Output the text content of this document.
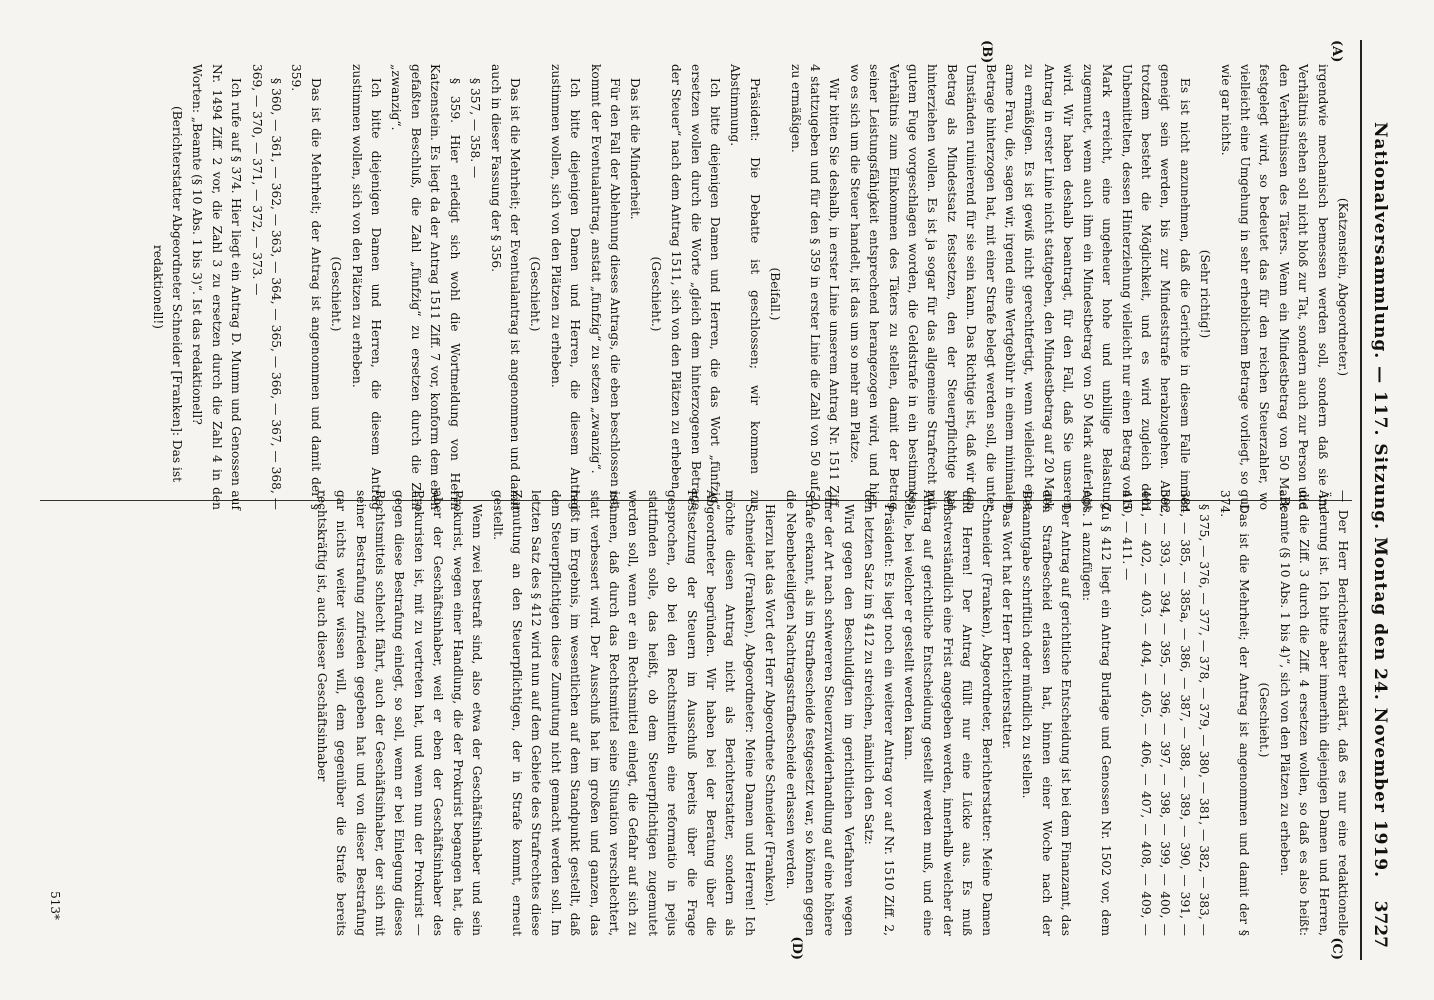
Nationalversammlung. — 117. Sitzung. Montag den 24. November 1919.
3727
(A)
(B)
(C)
(D)

(Katzenstein, Abgeordneter.)

irgendwie mechanisch bemessen werden soll, sondern daß sie im Verhältnis stehen soll nicht bloß zur Tat, sondern auch zur Person und den Verhältnissen des Täters. Wenn ein Mindestbetrag von 50 Mark festgelegt wird, so bedeutet das für den reichen Steuerzahler, wo vielleicht eine Umgehung in sehr erheblichem Betrage vorliegt, so gut wie gar nichts.

(Sehr richtig!)

Es ist nicht anzunehmen, daß die Gerichte in diesem Falle immer geneigt sein werden, bis zur Mindeststrafe herabzugehen. Aber trotzdem besteht die Möglichkeit, und es wird zugleich dem Unbemittelten, dessen Hinterziehung vielleicht nur einen Betrag von 5 Mark erreicht, eine ungeheuer hohe und unbillige Belastung zugemutet, wenn auch ihm ein Mindestbetrag von 50 Mark auferlegt wird. Wir haben deshalb beantragt, für den Fall, daß Sie unseren Antrag in erster Linie nicht stattgeben, den Mindestbetrag auf 20 Mark zu ermäßigen. Es ist gewiß nicht gerechtfertigt, wenn vielleicht eine arme Frau, die, sagen wir, irgend eine Wertgebühr in einem minimalen Betrage hinterzogen hat, mit einer Strafe belegt werden soll, die unter Umständen ruinierend für sie sein kann. Das Richtige ist, daß wir den Betrag als Mindestsatz festsetzen, den der Steuerpflichtige hat hinterziehen wollen. Es ist ja sogar für das allgemeine Strafrecht mit gutem Fuge vorgeschlagen worden, die Geldstrafe in ein bestimmtes Verhältnis zum Einkommen des Täters zu stellen, damit der Betrag seiner Leistungsfähigkeit entsprechend herangezogen wird, und hier, wo es sich um die Steuer handelt, ist das um so mehr am Platze.

Wir bitten Sie deshalb, in erster Linie unserem Antrag Nr. 1511 Ziff. 4 stattzugeben und für den § 359 in erster Linie die Zahl von 50 auf 20 zu ermäßigen.

(Beifall.)

Präsident: Die Debatte ist geschlossen; wir kommen zur Abstimmung.

Ich bitte diejenigen Damen und Herren, die das Wort „fünfzig“ ersetzen wollen durch die Worte „gleich dem hinterzogenen Betrage der Steuer“ nach dem Antrag 1511, sich von den Plätzen zu erheben.

(Geschieht.)

Das ist die Minderheit.

Für den Fall der Ablehnung dieses Antrags, die eben beschlossen ist, kommt der Eventualantrag, anstatt „fünfzig“ zu setzen „zwanzig“.

Ich bitte diejenigen Damen und Herren, die diesem Antrag zustimmen wollen, sich von den Plätzen zu erheben.

(Geschieht.)

Das ist die Mehrheit; der Eventualantrag ist angenommen und damit auch in dieser Fassung der § 356.

§ 357, — 358. —

§ 359. Hier erledigt sich wohl die Wortmeldung von Herrn Katzenstein. Es liegt da der Antrag 1511 Ziff. 7 vor, konform dem eben gefaßten Beschluß, die Zahl „fünfzig“ zu ersetzen durch die Zahl „zwanzig“.

Ich bitte diejenigen Damen und Herren, die diesem Antrag zustimmen wollen, sich von den Plätzen zu erheben.

(Geschieht.)

Das ist die Mehrheit; der Antrag ist angenommen und damit der § 359.

§ 360, — 361, — 362, — 363, — 364, — 365, — 366, — 367, — 368, — 369, — 370, — 371, — 372, — 373. —

Ich rufe auf § 374. Hier liegt ein Antrag D. Mumm und Genossen auf Nr. 1494 Ziff. 2 vor, die Zahl 3 zu ersetzen durch die Zahl 4 in den Worten: „Beamte (§ 10 Abs. 1 bis 3)“. Ist das redaktionell?

(Berichterstatter Abgeordneter Schneider [Franken]: Das ist redaktionell!)

— Der Herr Berichterstatter erklärt, daß es nur eine redaktionelle Änderung ist. Ich bitte aber immerhin diejenigen Damen und Herren, die die Ziff. 3 durch die Ziff. 4 ersetzen wollen, so daß es also heißt: „Beamte (§ 10 Abs. 1 bis 4)“, sich von den Plätzen zu erheben.

(Geschieht.)

Das ist die Mehrheit; der Antrag ist angenommen und damit der § 374.

§ 375, — 376, — 377, — 378, — 379, — 380, — 381, — 382, — 383, — 384, — 385, — 385a, — 386, — 387, — 388, — 389, — 390, — 391, — 392, — 393, — 394, — 395, — 396, — 397, — 398, — 399, — 400, — 401, — 402, — 403, — 404, — 405, — 406, — 407, — 408, — 409, — 410, — 411. —

Zu § 412 liegt ein Antrag Burlage und Genossen Nr. 1502 vor, dem Abs. 1 anzufügen:

Der Antrag auf gerichtliche Entscheidung ist bei dem Finanzamt, das den Strafbescheid erlassen hat, binnen einer Woche nach der Bekanntgabe schriftlich oder mündlich zu stellen.

Das Wort hat der Herr Berichterstatter.

Schneider (Franken), Abgeordneter, Berichterstatter: Meine Damen und Herren! Der Antrag füllt nur eine Lücke aus. Es muß selbstverständlich eine Frist angegeben werden, innerhalb welcher der Antrag auf gerichtliche Entscheidung gestellt werden muß, und eine Stelle, bei welcher er gestellt werden kann.

Präsident: Es liegt noch ein weiterer Antrag vor auf Nr. 1510 Ziff. 2, den letzten Satz im § 412 zu streichen, nämlich den Satz:

Wird gegen den Beschuldigten im gerichtlichen Verfahren wegen einer der Art nach schwereren Steuerzuwiderhandlung auf eine höhere Strafe erkannt, als im Strafbescheide festgesetzt war, so können gegen die Nebenbeteiligten Nachtragsstrafbescheide erlassen werden.

Hierzu hat das Wort der Herr Abgeordnete Schneider (Franken).

Schneider (Franken), Abgeordneter: Meine Damen und Herren! Ich möchte diesen Antrag nicht als Berichterstatter, sondern als Abgeordneter begründen. Wir haben bei der Beratung über die Festsetzung der Steuern im Ausschuß bereits über die Frage gesprochen, ob bei den Rechtsmitteln eine reformatio in pejus stattfinden solle, das heißt, ob dem Steuerpflichtigen zugemutet werden soll, wenn er ein Rechtsmittel einlegt, die Gefahr auf sich zu nehmen, daß durch das Rechtsmittel seine Situation verschlechtert, statt verbessert wird. Der Ausschuß hat im großen und ganzen, das heißt im Ergebnis, im wesentlichen auf dem Standpunkt gestellt, daß dem Steuerpflichtigen diese Zumutung nicht gemacht werden soll. Im letzten Satz des § 412 wird nun auf dem Gebiete des Strafrechtes diese Zumutung an den Steuerpflichtigen, der in Strafe kommt, erneut gestellt.

Wenn zwei bestraft sind, also etwa der Geschäftsinhaber und sein Prokurist, wegen einer Handlung, die der Prokurist begangen hat, die aber der Geschäftsinhaber, weil er eben der Geschäftsinhaber des Prokuristen ist, mit zu vertreten hat, und wenn nun der Prokurist — gegen diese Bestrafung einlegt, so soll, wenn er bei Einlegung dieses Rechtsmittels schlecht fährt, auch der Geschäftsinhaber, der sich mit seiner Bestrafung zufrieden gegeben hat und von dieser Bestrafung gar nichts weiter wissen will, dem gegenüber die Strafe bereits rechtskräftig ist, auch dieser Geschäftsinhaber

513*
